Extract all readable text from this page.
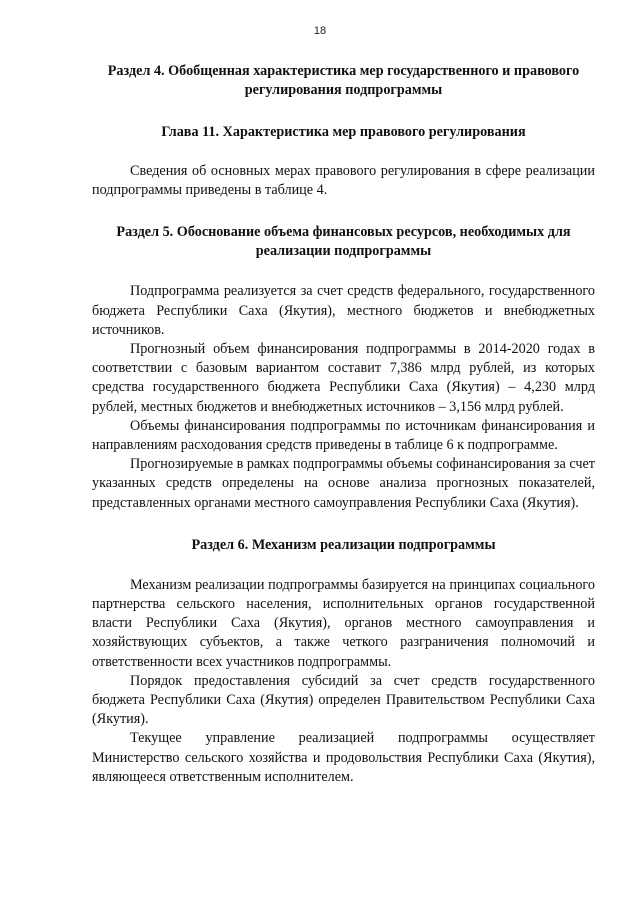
18

Раздел 4. Обобщенная характеристика мер государственного и правового регулирования подпрограммы

Глава 11. Характеристика мер правового регулирования

Сведения об основных мерах правового регулирования в сфере реализации подпрограммы приведены в таблице 4.

Раздел 5. Обоснование объема финансовых ресурсов, необходимых для реализации подпрограммы

Подпрограмма реализуется за счет средств федерального, государственного бюджета Республики Саха (Якутия), местного бюджетов и внебюджетных источников.

Прогнозный объем финансирования подпрограммы в 2014-2020 годах в соответствии с базовым вариантом составит 7,386 млрд рублей, из которых средства государственного бюджета Республики Саха (Якутия) – 4,230 млрд рублей, местных бюджетов и внебюджетных источников – 3,156 млрд рублей.

Объемы финансирования подпрограммы по источникам финансирования и направлениям расходования средств приведены в таблице 6 к подпрограмме.

Прогнозируемые в рамках подпрограммы объемы софинансирования за счет указанных средств определены на основе анализа прогнозных показателей, представленных органами местного самоуправления Республики Саха (Якутия).

Раздел 6. Механизм реализации подпрограммы

Механизм реализации подпрограммы базируется на принципах социального партнерства сельского населения, исполнительных органов государственной власти Республики Саха (Якутия), органов местного самоуправления и хозяйствующих субъектов, а также четкого разграничения полномочий и ответственности всех участников подпрограммы.

Порядок предоставления субсидий за счет средств государственного бюджета Республики Саха (Якутия) определен Правительством Республики Саха (Якутия).

Текущее управление реализацией подпрограммы осуществляет Министерство сельского хозяйства и продовольствия Республики Саха (Якутия), являющееся ответственным исполнителем.
